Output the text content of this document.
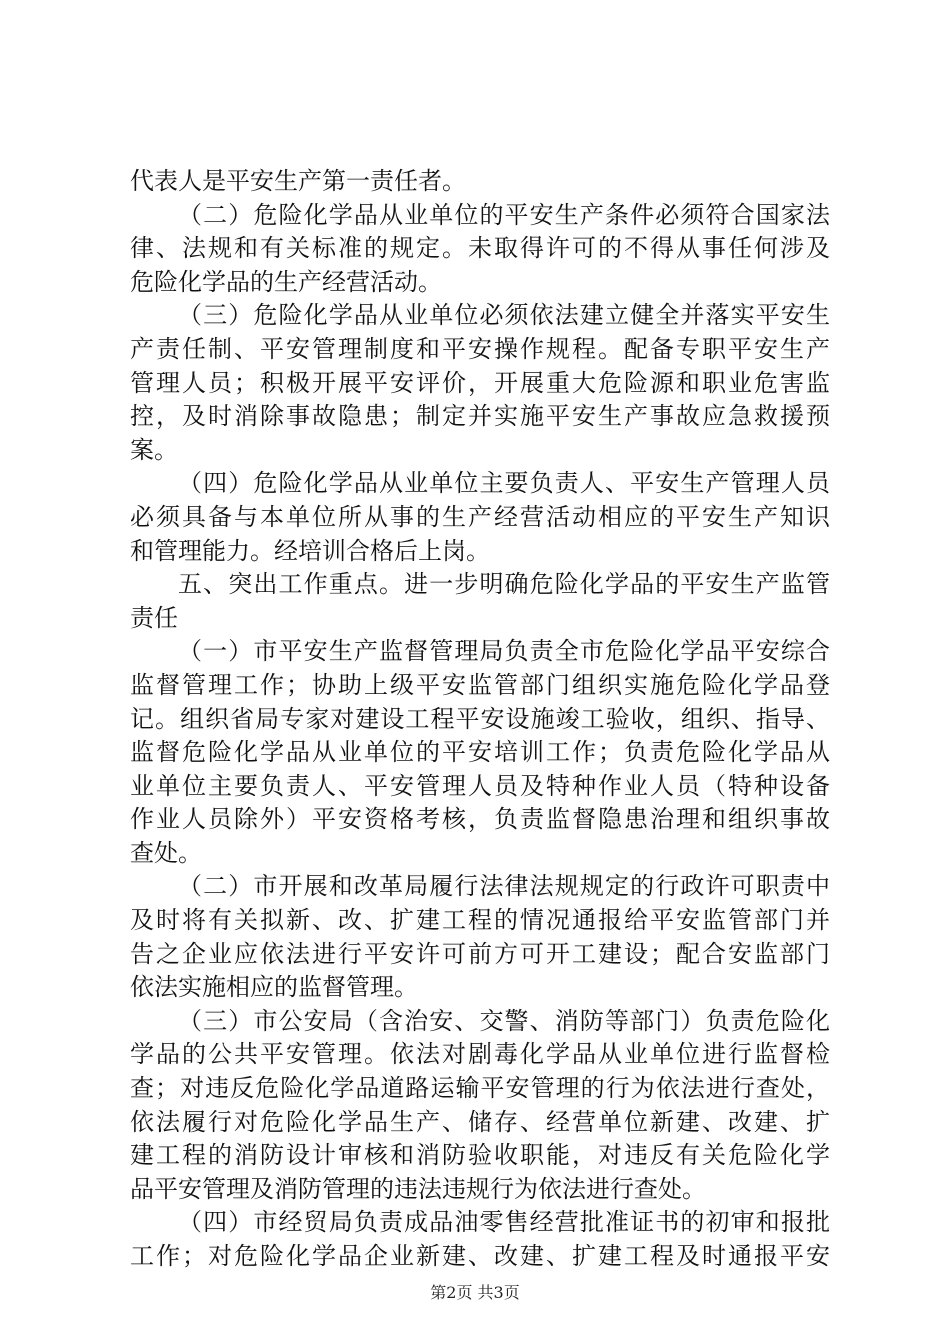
代表人是平安生产第一责任者。
（二）危险化学品从业单位的平安生产条件必须符合国家法
律、法规和有关标准的规定。未取得许可的不得从事任何涉及
危险化学品的生产经营活动。
（三）危险化学品从业单位必须依法建立健全并落实平安生
产责任制、平安管理制度和平安操作规程。配备专职平安生产
管理人员；积极开展平安评价，开展重大危险源和职业危害监
控，及时消除事故隐患；制定并实施平安生产事故应急救援预
案。
（四）危险化学品从业单位主要负责人、平安生产管理人员
必须具备与本单位所从事的生产经营活动相应的平安生产知识
和管理能力。经培训合格后上岗。
五、突出工作重点。进一步明确危险化学品的平安生产监管
责任
（一）市平安生产监督管理局负责全市危险化学品平安综合
监督管理工作；协助上级平安监管部门组织实施危险化学品登
记。组织省局专家对建设工程平安设施竣工验收，组织、指导、
监督危险化学品从业单位的平安培训工作；负责危险化学品从
业单位主要负责人、平安管理人员及特种作业人员（特种设备
作业人员除外）平安资格考核，负责监督隐患治理和组织事故
查处。
（二）市开展和改革局履行法律法规规定的行政许可职责中
及时将有关拟新、改、扩建工程的情况通报给平安监管部门并
告之企业应依法进行平安许可前方可开工建设；配合安监部门
依法实施相应的监督管理。
（三）市公安局（含治安、交警、消防等部门）负责危险化
学品的公共平安管理。依法对剧毒化学品从业单位进行监督检
查；对违反危险化学品道路运输平安管理的行为依法进行查处，
依法履行对危险化学品生产、储存、经营单位新建、改建、扩
建工程的消防设计审核和消防验收职能，对违反有关危险化学
品平安管理及消防管理的违法违规行为依法进行查处。
（四）市经贸局负责成品油零售经营批准证书的初审和报批
工作；对危险化学品企业新建、改建、扩建工程及时通报平安
第2页 共3页
